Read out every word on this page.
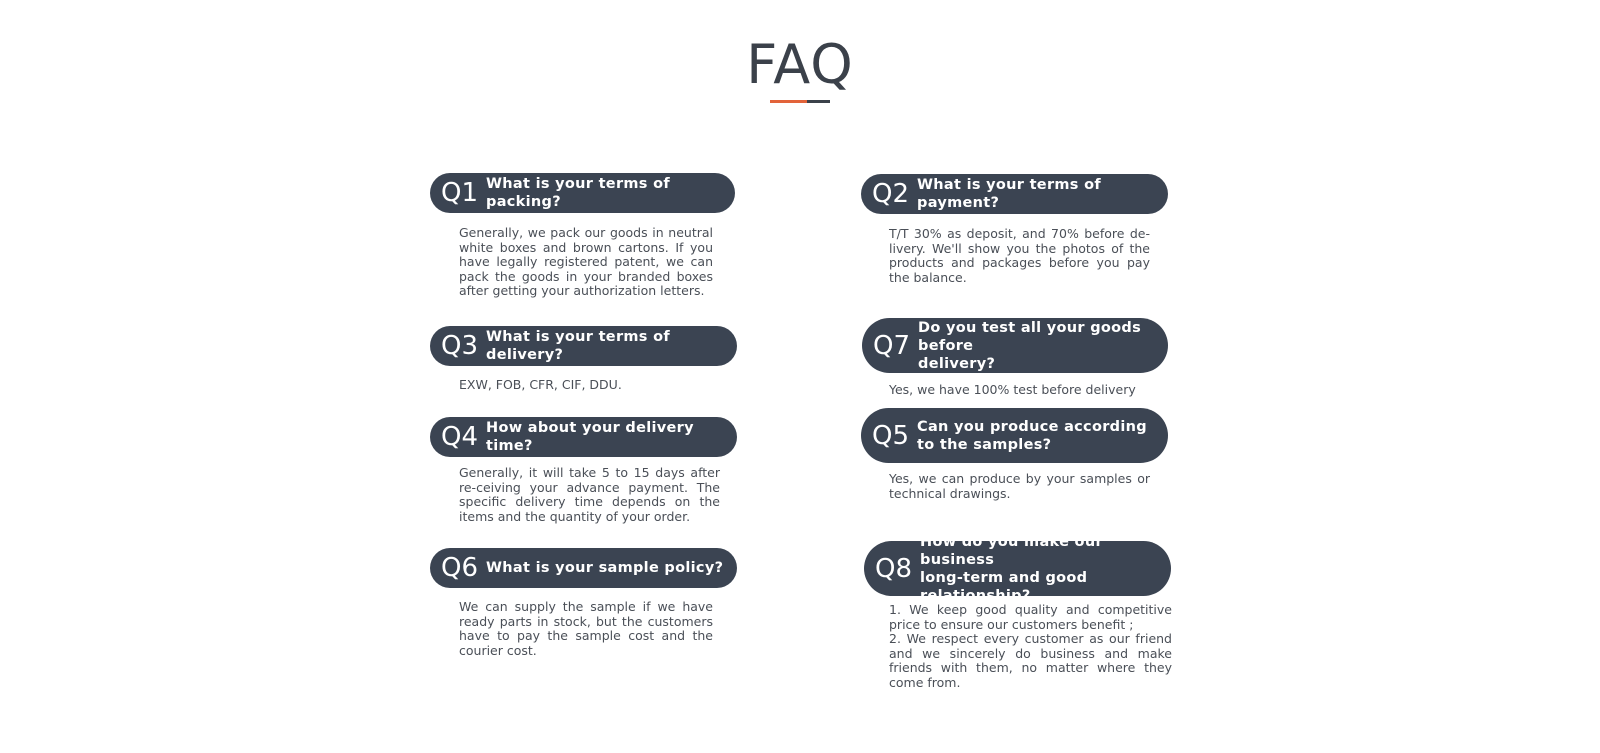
FAQ
Q1 What is your terms of packing?

Generally, we pack our goods in neutral white boxes and brown cartons. If you have legally registered patent, we can pack the goods in your branded boxes after getting your authorization letters.

Q2 What is your terms of payment?

T/T 30% as deposit, and 70% before de-livery. We'll show you the photos of the products and packages before you pay the balance.

Q3 What is your terms of delivery?

EXW, FOB, CFR, CIF, DDU.

Q7
Do you test all your goods before
delivery?

Yes, we have 100% test before delivery

Q4 How about your delivery time?

Generally, it will take 5 to 15 days after re-ceiving your advance payment. The specific delivery time depends on the items and the quantity of your order.

Q5 Can you produce according to the samples?

Yes, we can produce by your samples or technical drawings.

Q6 What is your sample policy?

We can supply the sample if we have ready parts in stock, but the customers have to pay the sample cost and the courier cost.

Q8
How do you make our business
long-term and good relationship?

1. We keep good quality and competitive price to ensure our customers benefit ;
2. We respect every customer as our friend and we sincerely do business and make friends with them, no matter where they come from.
